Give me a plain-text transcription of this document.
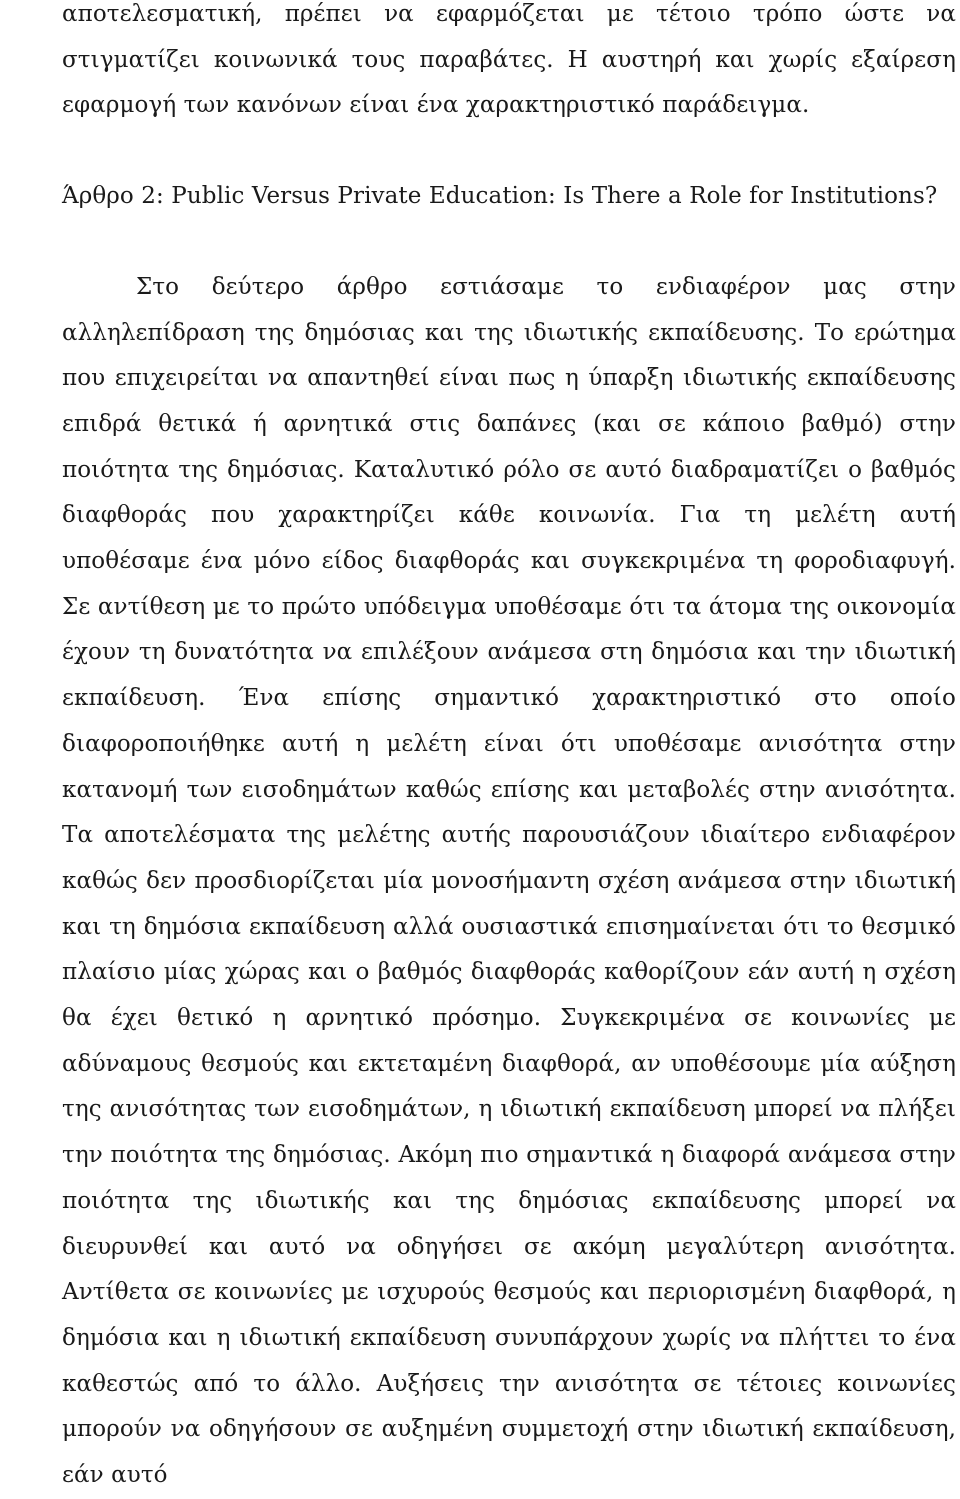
αποτελεσματική, πρέπει να εφαρμόζεται με τέτοιο τρόπο ώστε να στιγματίζει κοινωνικά τους παραβάτες. Η αυστηρή και χωρίς εξαίρεση εφαρμογή των κανόνων είναι ένα χαρακτηριστικό παράδειγμα.

Άρθρο 2: Public Versus Private Education: Is There a Role for Institutions?

Στο δεύτερο άρθρο εστιάσαμε το ενδιαφέρον μας στην αλληλεπίδραση της δημόσιας και της ιδιωτικής εκπαίδευσης. Το ερώτημα που επιχειρείται να απαντηθεί είναι πως η ύπαρξη ιδιωτικής εκπαίδευσης επιδρά θετικά ή αρνητικά στις δαπάνες (και σε κάποιο βαθμό) στην ποιότητα της δημόσιας. Καταλυτικό ρόλο σε αυτό διαδραματίζει ο βαθμός διαφθοράς που χαρακτηρίζει κάθε κοινωνία. Για τη μελέτη αυτή υποθέσαμε ένα μόνο είδος διαφθοράς και συγκεκριμένα τη φοροδιαφυγή. Σε αντίθεση με το πρώτο υπόδειγμα υποθέσαμε ότι τα άτομα της οικονομία έχουν τη δυνατότητα να επιλέξουν ανάμεσα στη δημόσια και την ιδιωτική εκπαίδευση. Ένα επίσης σημαντικό χαρακτηριστικό στο οποίο διαφοροποιήθηκε αυτή η μελέτη είναι ότι υποθέσαμε ανισότητα στην κατανομή των εισοδημάτων καθώς επίσης και μεταβολές στην ανισότητα. Τα αποτελέσματα της μελέτης αυτής παρουσιάζουν ιδιαίτερο ενδιαφέρον καθώς δεν προσδιορίζεται μία μονοσήμαντη σχέση ανάμεσα στην ιδιωτική και τη δημόσια εκπαίδευση αλλά ουσιαστικά επισημαίνεται ότι το θεσμικό πλαίσιο μίας χώρας και ο βαθμός διαφθοράς καθορίζουν εάν αυτή η σχέση θα έχει θετικό η αρνητικό πρόσημο. Συγκεκριμένα σε κοινωνίες με αδύναμους θεσμούς και εκτεταμένη διαφθορά, αν υποθέσουμε μία αύξηση της ανισότητας των εισοδημάτων, η ιδιωτική εκπαίδευση μπορεί να πλήξει την ποιότητα της δημόσιας. Ακόμη πιο σημαντικά η διαφορά ανάμεσα στην ποιότητα της ιδιωτικής και της δημόσιας εκπαίδευσης μπορεί να διευρυνθεί και αυτό να οδηγήσει σε ακόμη μεγαλύτερη ανισότητα. Αντίθετα σε κοινωνίες με ισχυρούς θεσμούς και περιορισμένη διαφθορά, η δημόσια και η ιδιωτική εκπαίδευση συνυπάρχουν χωρίς να πλήττει το ένα καθεστώς από το άλλο. Αυξήσεις την ανισότητα σε τέτοιες κοινωνίες μπορούν να οδηγήσουν σε αυξημένη συμμετοχή στην ιδιωτική εκπαίδευση, εάν αυτό
